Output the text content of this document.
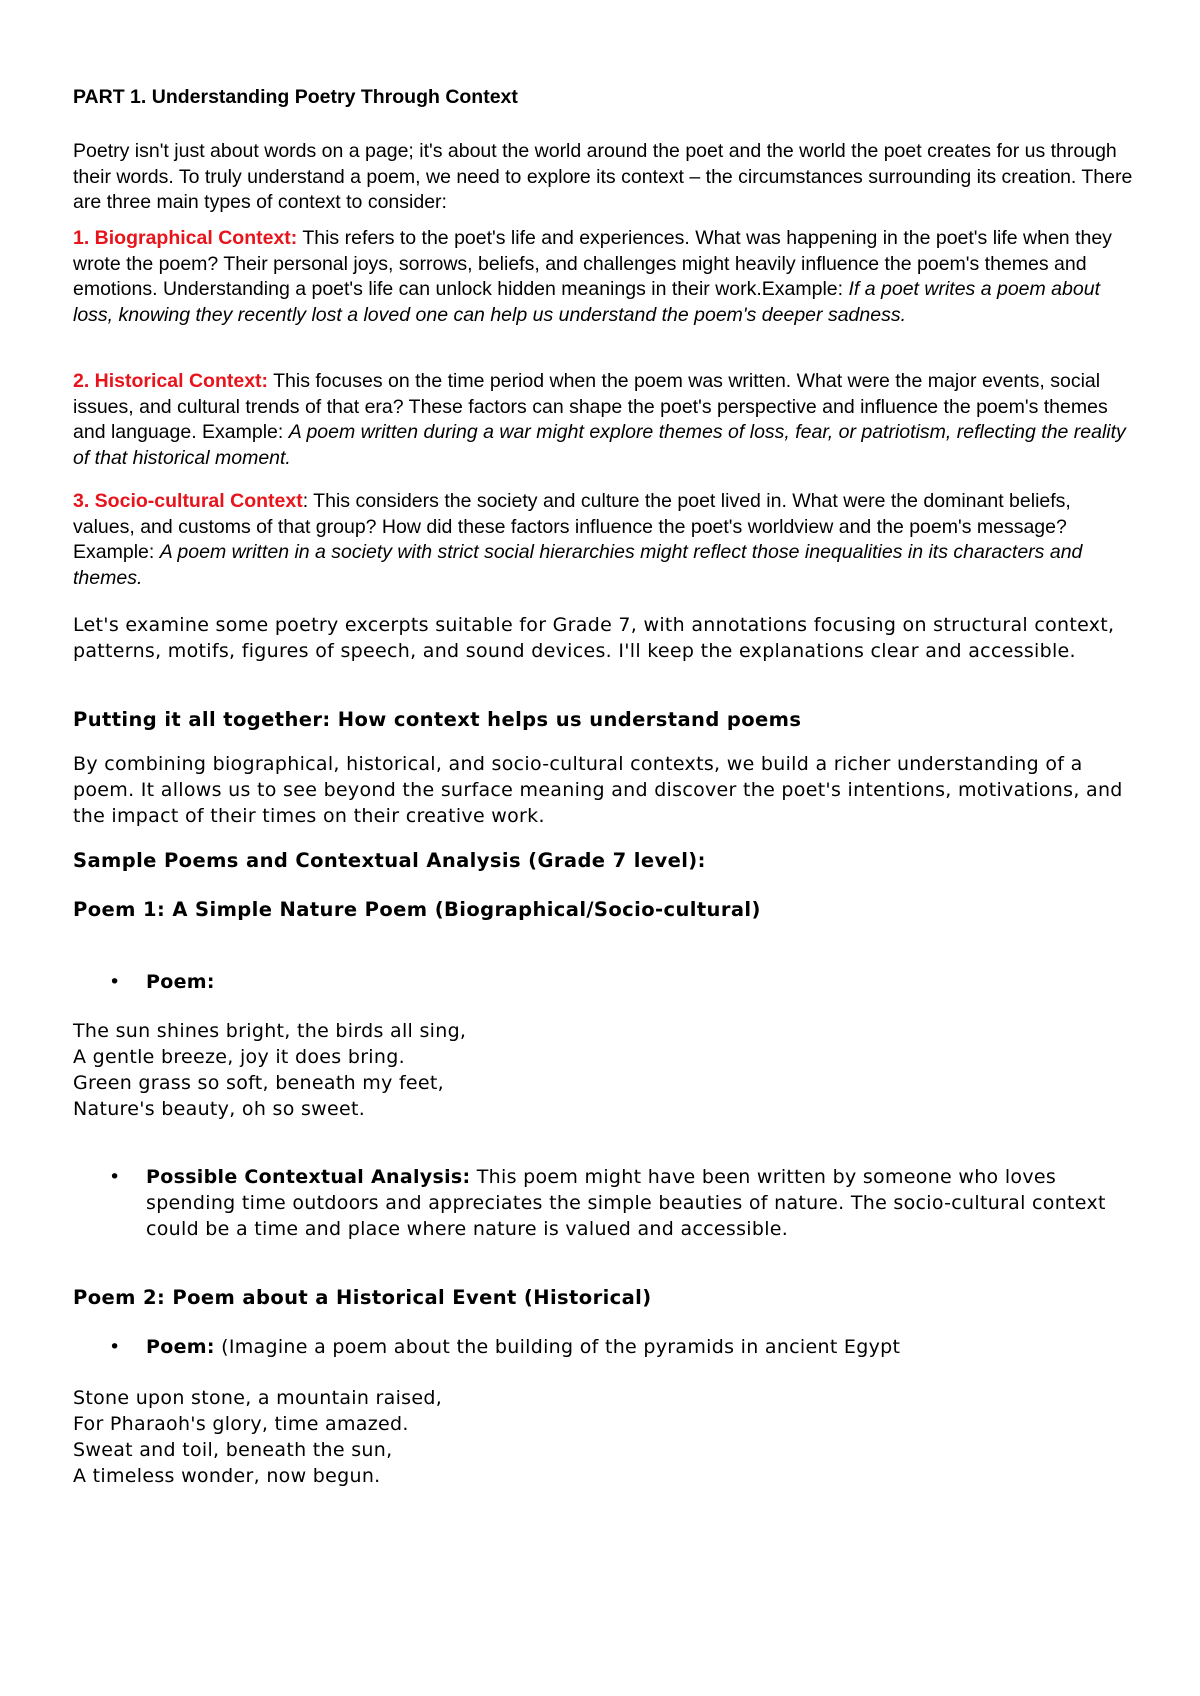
PART 1. Understanding Poetry Through Context

Poetry isn't just about words on a page; it's about the world around the poet and the world the poet creates for us through their words. To truly understand a poem, we need to explore its context – the circumstances surrounding its creation. There are three main types of context to consider:

1. Biographical Context: This refers to the poet's life and experiences. What was happening in the poet's life when they wrote the poem? Their personal joys, sorrows, beliefs, and challenges might heavily influence the poem's themes and emotions. Understanding a poet's life can unlock hidden meanings in their work.Example: If a poet writes a poem about loss, knowing they recently lost a loved one can help us understand the poem's deeper sadness.

2. Historical Context: This focuses on the time period when the poem was written. What were the major events, social issues, and cultural trends of that era? These factors can shape the poet's perspective and influence the poem's themes and language. Example: A poem written during a war might explore themes of loss, fear, or patriotism, reflecting the reality of that historical moment.

3. Socio-cultural Context: This considers the society and culture the poet lived in. What were the dominant beliefs, values, and customs of that group? How did these factors influence the poet's worldview and the poem's message? Example: A poem written in a society with strict social hierarchies might reflect those inequalities in its characters and themes.

Let's examine some poetry excerpts suitable for Grade 7, with annotations focusing on structural context, patterns, motifs, figures of speech, and sound devices. I'll keep the explanations clear and accessible.

Putting it all together: How context helps us understand poems

By combining biographical, historical, and socio-cultural contexts, we build a richer understanding of a poem. It allows us to see beyond the surface meaning and discover the poet's intentions, motivations, and the impact of their times on their creative work.

Sample Poems and Contextual Analysis (Grade 7 level):

Poem 1: A Simple Nature Poem (Biographical/Socio-cultural)

•	Poem:
The sun shines bright, the birds all sing,
A gentle breeze, joy it does bring.
Green grass so soft, beneath my feet,
Nature's beauty, oh so sweet.
•	Possible Contextual Analysis: This poem might have been written by someone who loves spending time outdoors and appreciates the simple beauties of nature. The socio-cultural context could be a time and place where nature is valued and accessible.

Poem 2: Poem about a Historical Event (Historical)

•	Poem: (Imagine a poem about the building of the pyramids in ancient Egypt
Stone upon stone, a mountain raised,
For Pharaoh's glory, time amazed.
Sweat and toil, beneath the sun,
A timeless wonder, now begun.
